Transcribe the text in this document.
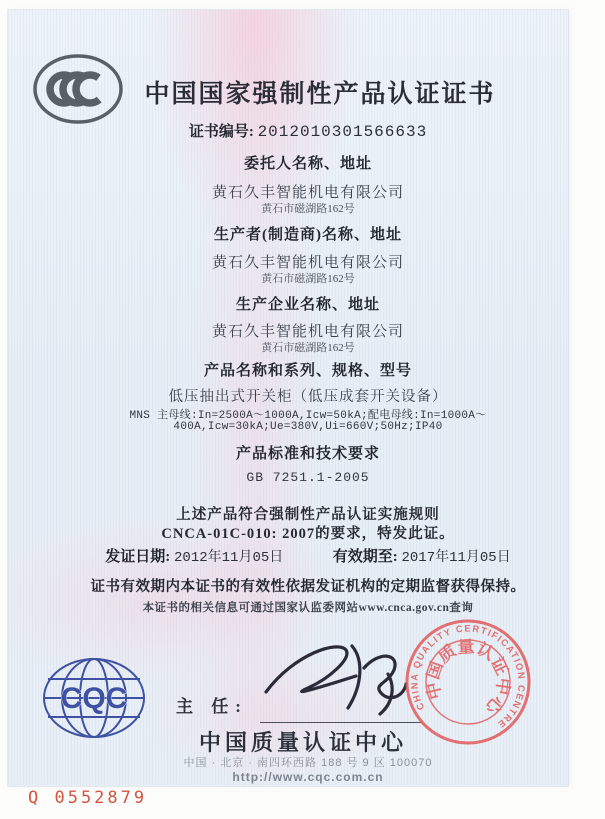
中国国家强制性产品认证证书
证书编号: 2012010301566633
委托人名称、地址
黄石久丰智能机电有限公司
黄石市磁湖路162号
生产者(制造商)名称、地址
黄石久丰智能机电有限公司
黄石市磁湖路162号
生产企业名称、地址
黄石久丰智能机电有限公司
黄石市磁湖路162号
产品名称和系列、规格、型号
低压抽出式开关柜（低压成套开关设备）
MNS 主母线:In=2500A～1000A,Icw=50kA;配电母线:In=1000A～
400A,Icw=30kA;Ue=380V,Ui=660V;50Hz;IP40
产品标准和技术要求
GB 7251.1-2005
上述产品符合强制性产品认证实施规则
CNCA-01C-010: 2007的要求，特发此证。
发证日期: 2012年11月05日	有效期至: 2017年11月05日
证书有效期内本证书的有效性依据发证机构的定期监督获得保持。
本证书的相关信息可通过国家认监委网站www.cnca.gov.cn查询
CQC	主 任:
中国质量认证中心
中国 · 北京 · 南四环西路 188 号 9 区 100070
http://www.cqc.com.cn
CHINA QUALITY CERTIFICATION CENTRE
中国质量认证中心
Q 0552879
